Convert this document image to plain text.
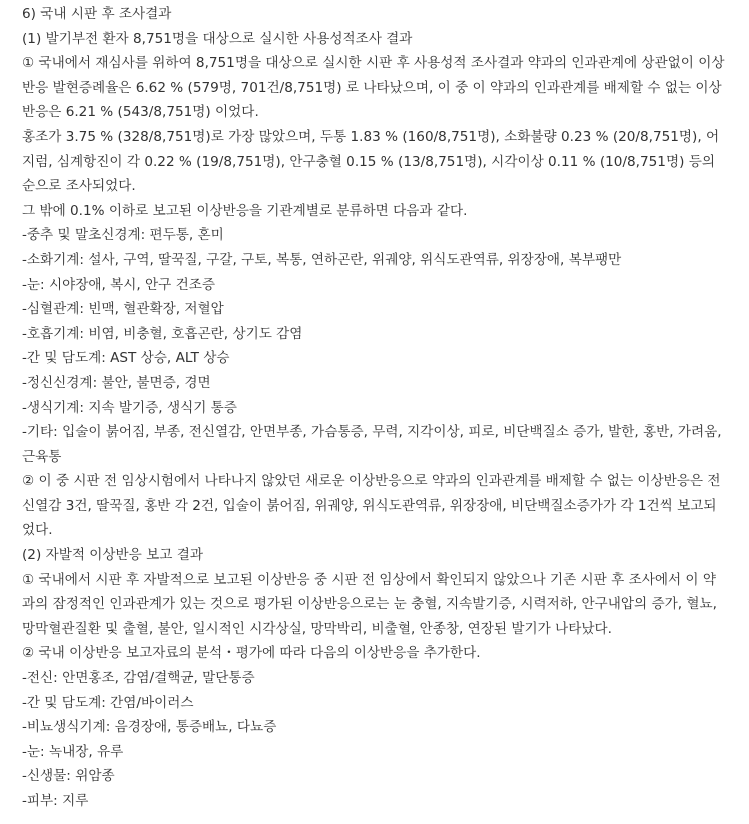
6) 국내 시판 후 조사결과
(1) 발기부전 환자 8,751명을 대상으로 실시한 사용성적조사 결과
① 국내에서 재심사를 위하여 8,751명을 대상으로 실시한 시판 후 사용성적 조사결과 약과의 인과관계에 상관없이 이상
반응 발현증례율은 6.62 % (579명, 701건/8,751명) 로 나타났으며, 이 중 이 약과의 인과관계를 배제할 수 없는 이상
반응은 6.21 % (543/8,751명) 이었다.
홍조가 3.75 % (328/8,751명)로 가장 많았으며, 두통 1.83 % (160/8,751명), 소화불량 0.23 % (20/8,751명), 어
지럼, 심계항진이 각 0.22 % (19/8,751명), 안구충혈 0.15 % (13/8,751명), 시각이상 0.11 % (10/8,751명) 등의
순으로 조사되었다.
그 밖에 0.1% 이하로 보고된 이상반응을 기관계별로 분류하면 다음과 같다.
-중추 및 말초신경계: 편두통, 혼미
-소화기계: 설사, 구역, 딸꾹질, 구갈, 구토, 복통, 연하곤란, 위궤양, 위식도관역류, 위장장애, 복부팽만
-눈: 시야장애, 복시, 안구 건조증
-심혈관계: 빈맥, 혈관확장, 저혈압
-호흡기계: 비염, 비충혈, 호흡곤란, 상기도 감염
-간 및 담도계: AST 상승, ALT 상승
-정신신경계: 불안, 불면증, 경면
-생식기계: 지속 발기증, 생식기 통증
-기타: 입술이 붉어짐, 부종, 전신열감, 안면부종, 가슴통증, 무력, 지각이상, 피로, 비단백질소 증가, 발한, 홍반, 가려움,
근육통
② 이 중 시판 전 임상시험에서 나타나지 않았던 새로운 이상반응으로 약과의 인과관계를 배제할 수 없는 이상반응은 전
신열감 3건, 딸꾹질, 홍반 각 2건, 입술이 붉어짐, 위궤양, 위식도관역류, 위장장애, 비단백질소증가가 각 1건씩 보고되
었다.
(2) 자발적 이상반응 보고 결과
① 국내에서 시판 후 자발적으로 보고된 이상반응 중 시판 전 임상에서 확인되지 않았으나 기존 시판 후 조사에서 이 약
과의 잠정적인 인과관계가 있는 것으로 평가된 이상반응으로는 눈 충혈, 지속발기증, 시력저하, 안구내압의 증가, 혈뇨,
망막혈관질환 및 출혈, 불안, 일시적인 시각상실, 망막박리, 비출혈, 안종창, 연장된 발기가 나타났다.
② 국내 이상반응 보고자료의 분석・평가에 따라 다음의 이상반응을 추가한다.
-전신: 안면홍조, 감염/결핵균, 말단통증
-간 및 담도계: 간염/바이러스
-비뇨생식기계: 음경장애, 통증배뇨, 다뇨증
-눈: 녹내장, 유루
-신생물: 위암종
-피부: 지루
